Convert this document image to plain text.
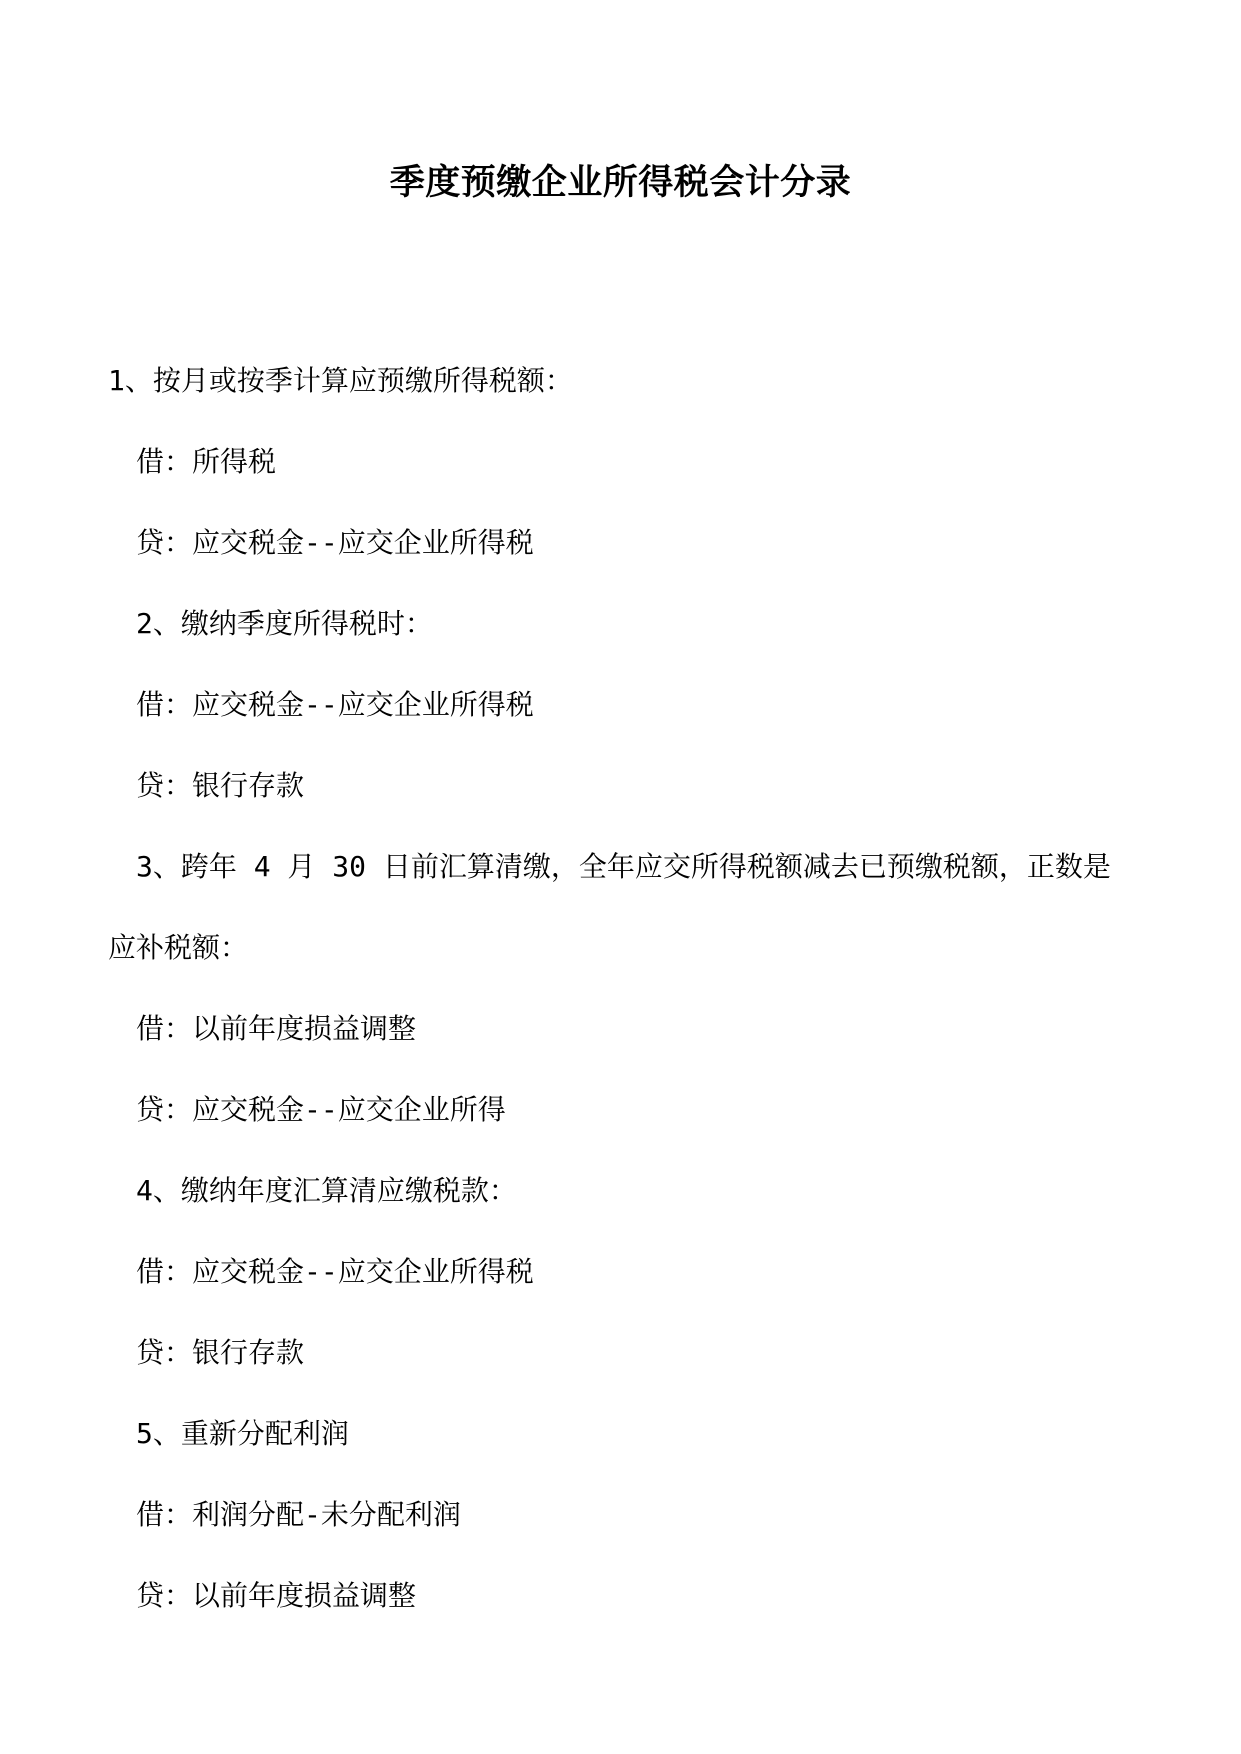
季度预缴企业所得税会计分录
1、按月或按季计算应预缴所得税额：
借：所得税
贷：应交税金--应交企业所得税
2、缴纳季度所得税时：
借：应交税金--应交企业所得税
贷：银行存款
3、跨年 4 月 30 日前汇算清缴，全年应交所得税额减去已预缴税额，正数是应补税额：
借：以前年度损益调整
贷：应交税金--应交企业所得
4、缴纳年度汇算清应缴税款：
借：应交税金--应交企业所得税
贷：银行存款
5、重新分配利润
借：利润分配-未分配利润
贷：以前年度损益调整
